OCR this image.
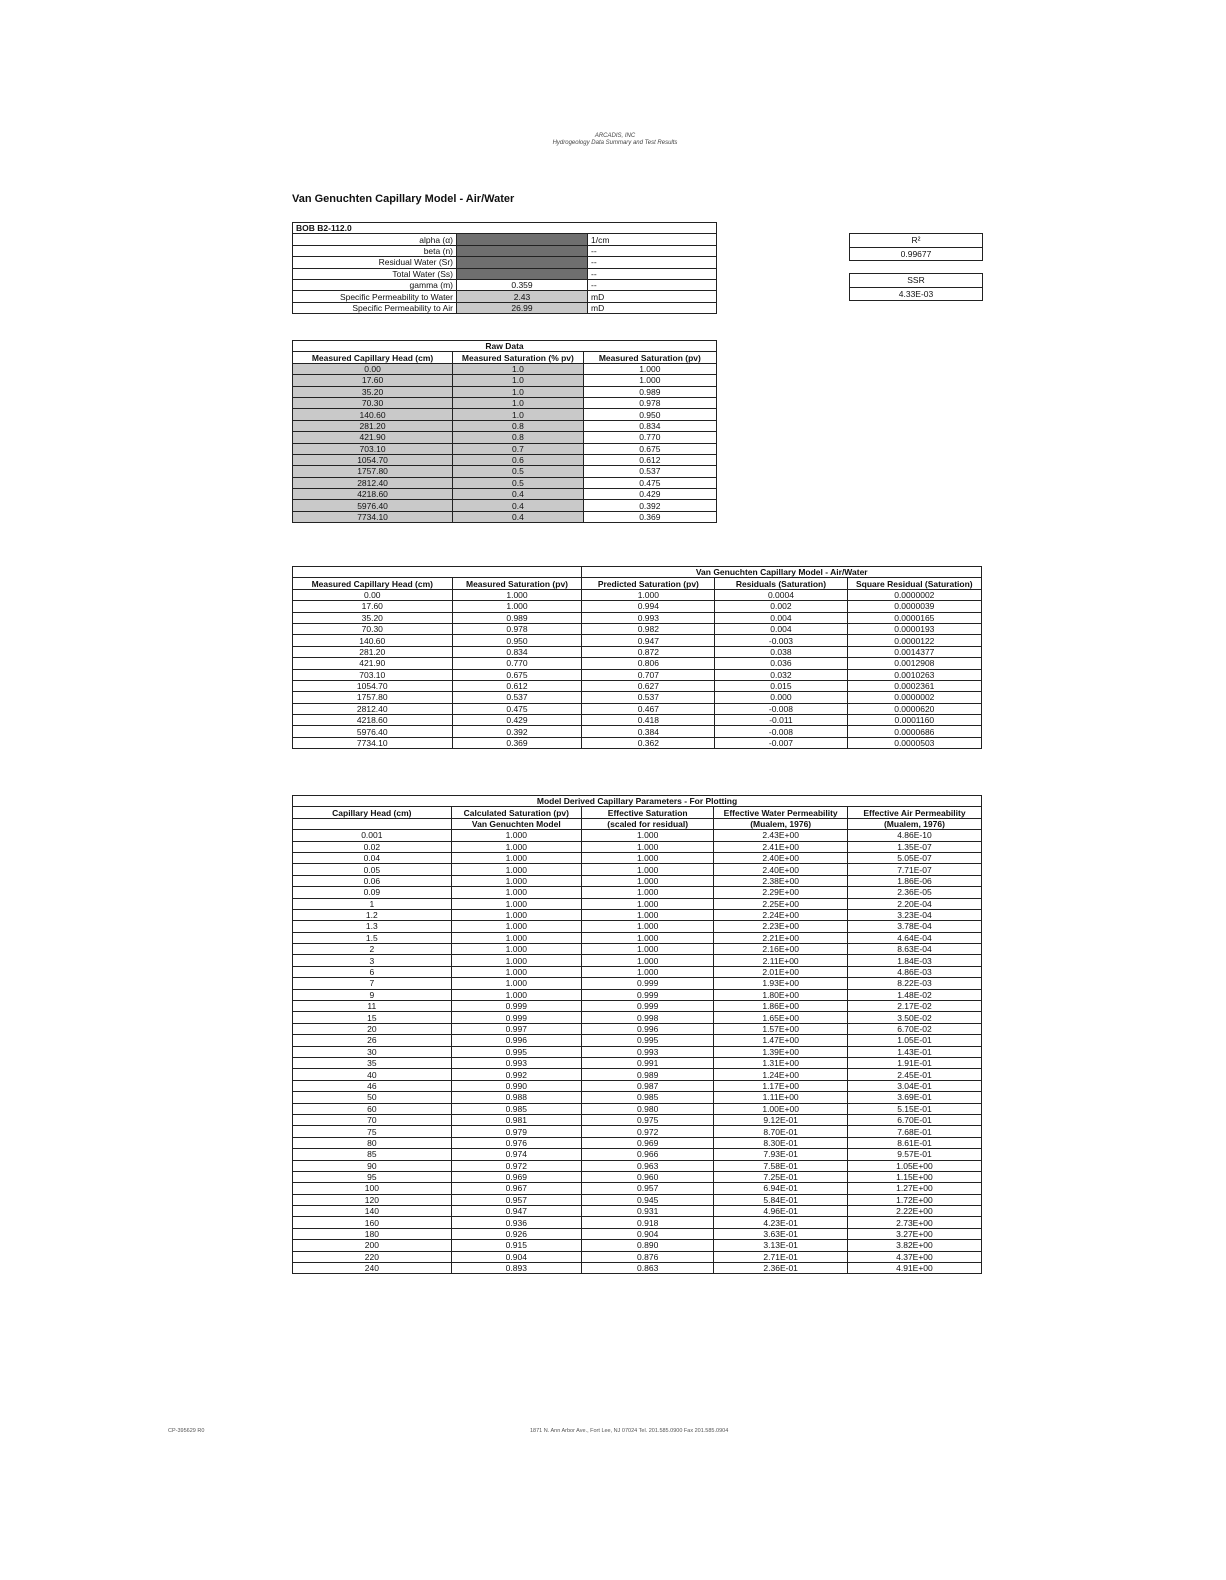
ARCADIS, INC
Hydrogeology Data Summary and Test Results
Van Genuchten Capillary Model - Air/Water
BOB B2-112.0		
alpha (α)		1/cm
beta (n)		--
Residual Water (Sr)		--
Total Water (Ss)		--
gamma (m)	0.359	--
Specific Permeability to Water	2.43	mD
Specific Permeability to Air	26.99	mD
R²
0.99677
SSR
4.33E-03
Raw Data		
Measured Capillary Head (cm)	Measured Saturation (% pv)	Measured Saturation (pv)
0.00	1.0	1.000
17.60	1.0	1.000
35.20	1.0	0.989
70.30	1.0	0.978
140.60	1.0	0.950
281.20	0.8	0.834
421.90	0.8	0.770
703.10	0.7	0.675
1054.70	0.6	0.612
1757.80	0.5	0.537
2812.40	0.5	0.475
4218.60	0.4	0.429
5976.40	0.4	0.392
7734.10	0.4	0.369
		Van Genuchten Capillary Model - Air/Water		
Measured Capillary Head (cm)	Measured Saturation (pv)	Predicted Saturation (pv)	Residuals (Saturation)	Square Residual (Saturation)
0.00	1.000	1.000	0.0004	0.0000002
17.60	1.000	0.994	0.002	0.0000039
35.20	0.989	0.993	0.004	0.0000165
70.30	0.978	0.982	0.004	0.0000193
140.60	0.950	0.947	-0.003	0.0000122
281.20	0.834	0.872	0.038	0.0014377
421.90	0.770	0.806	0.036	0.0012908
703.10	0.675	0.707	0.032	0.0010263
1054.70	0.612	0.627	0.015	0.0002361
1757.80	0.537	0.537	0.000	0.0000002
2812.40	0.475	0.467	-0.008	0.0000620
4218.60	0.429	0.418	-0.011	0.0001160
5976.40	0.392	0.384	-0.008	0.0000686
7734.10	0.369	0.362	-0.007	0.0000503
Model Derived Capillary Parameters - For Plotting				
Capillary Head (cm)	Calculated Saturation (pv)	Effective Saturation	Effective Water Permeability	Effective Air Permeability
	Van Genuchten Model	(scaled for residual)	(Mualem, 1976)	(Mualem, 1976)
0.001	1.000	1.000	2.43E+00	4.86E-10
0.02	1.000	1.000	2.41E+00	1.35E-07
0.04	1.000	1.000	2.40E+00	5.05E-07
0.05	1.000	1.000	2.40E+00	7.71E-07
0.06	1.000	1.000	2.38E+00	1.86E-06
0.09	1.000	1.000	2.29E+00	2.36E-05
1	1.000	1.000	2.25E+00	2.20E-04
1.2	1.000	1.000	2.24E+00	3.23E-04
1.3	1.000	1.000	2.23E+00	3.78E-04
1.5	1.000	1.000	2.21E+00	4.64E-04
2	1.000	1.000	2.16E+00	8.63E-04
3	1.000	1.000	2.11E+00	1.84E-03
6	1.000	1.000	2.01E+00	4.86E-03
7	1.000	0.999	1.93E+00	8.22E-03
9	1.000	0.999	1.80E+00	1.48E-02
11	0.999	0.999	1.86E+00	2.17E-02
15	0.999	0.998	1.65E+00	3.50E-02
20	0.997	0.996	1.57E+00	6.70E-02
26	0.996	0.995	1.47E+00	1.05E-01
30	0.995	0.993	1.39E+00	1.43E-01
35	0.993	0.991	1.31E+00	1.91E-01
40	0.992	0.989	1.24E+00	2.45E-01
46	0.990	0.987	1.17E+00	3.04E-01
50	0.988	0.985	1.11E+00	3.69E-01
60	0.985	0.980	1.00E+00	5.15E-01
70	0.981	0.975	9.12E-01	6.70E-01
75	0.979	0.972	8.70E-01	7.68E-01
80	0.976	0.969	8.30E-01	8.61E-01
85	0.974	0.966	7.93E-01	9.57E-01
90	0.972	0.963	7.58E-01	1.05E+00
95	0.969	0.960	7.25E-01	1.15E+00
100	0.967	0.957	6.94E-01	1.27E+00
120	0.957	0.945	5.84E-01	1.72E+00
140	0.947	0.931	4.96E-01	2.22E+00
160	0.936	0.918	4.23E-01	2.73E+00
180	0.926	0.904	3.63E-01	3.27E+00
200	0.915	0.890	3.13E-01	3.82E+00
220	0.904	0.876	2.71E-01	4.37E+00
240	0.893	0.863	2.36E-01	4.91E+00
CP-395629 R0	1871 N. Ann Arbor Ave., Fort Lee, NJ 07024 Tel. 201.585.0900 Fax 201.585.0904
